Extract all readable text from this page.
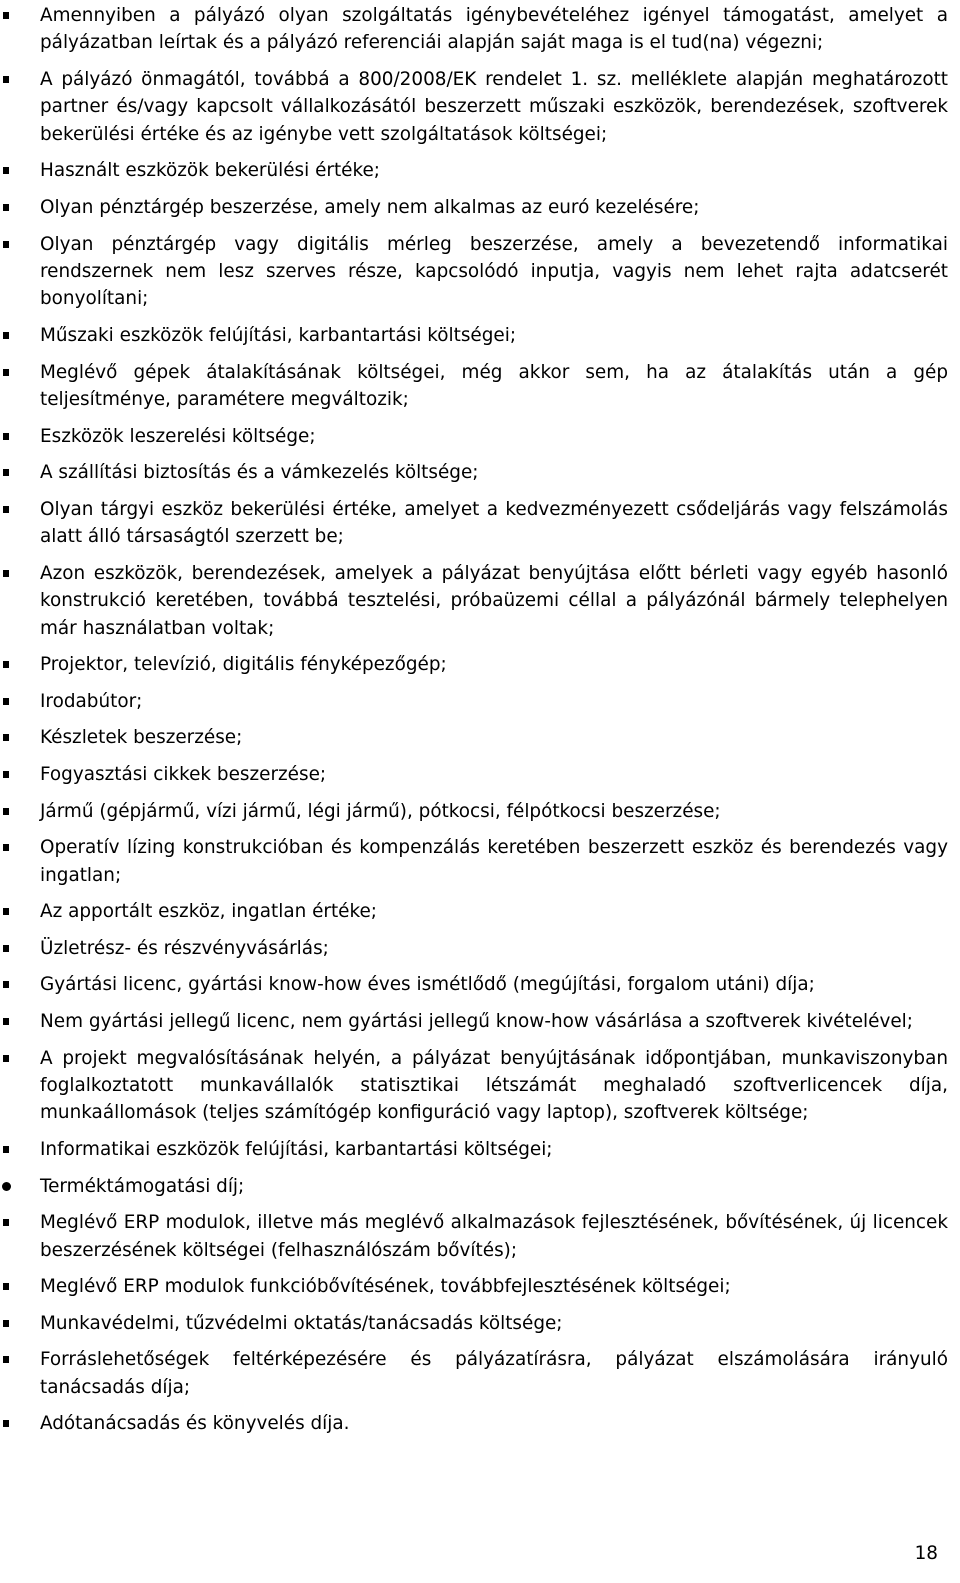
Amennyiben a pályázó olyan szolgáltatás igénybevételéhez igényel támogatást, amelyet a pályázatban leírtak és a pályázó referenciái alapján saját maga is el tud(na) végezni;
A pályázó önmagától, továbbá a 800/2008/EK rendelet 1. sz. melléklete alapján meghatározott partner és/vagy kapcsolt vállalkozásától beszerzett műszaki eszközök, berendezések, szoftverek bekerülési értéke és az igénybe vett szolgáltatások költségei;
Használt eszközök bekerülési értéke;
Olyan pénztárgép beszerzése, amely nem alkalmas az euró kezelésére;
Olyan pénztárgép vagy digitális mérleg beszerzése, amely a bevezetendő informatikai rendszernek nem lesz szerves része, kapcsolódó inputja, vagyis nem lehet rajta adatcserét bonyolítani;
Műszaki eszközök felújítási, karbantartási költségei;
Meglévő gépek átalakításának költségei, még akkor sem, ha az átalakítás után a gép teljesítménye, paramétere megváltozik;
Eszközök leszerelési költsége;
A szállítási biztosítás és a vámkezelés költsége;
Olyan tárgyi eszköz bekerülési értéke, amelyet a kedvezményezett csődeljárás vagy felszámolás alatt álló társaságtól szerzett be;
Azon eszközök, berendezések, amelyek a pályázat benyújtása előtt bérleti vagy egyéb hasonló konstrukció keretében, továbbá tesztelési, próbaüzemi céllal a pályázónál bármely telephelyen már használatban voltak;
Projektor, televízió, digitális fényképezőgép;
Irodabútor;
Készletek beszerzése;
Fogyasztási cikkek beszerzése;
Jármű (gépjármű, vízi jármű, légi jármű), pótkocsi, félpótkocsi beszerzése;
Operatív lízing konstrukcióban és kompenzálás keretében beszerzett eszköz és berendezés vagy ingatlan;
Az apportált eszköz, ingatlan értéke;
Üzletrész- és részvényvásárlás;
Gyártási licenc, gyártási know-how éves ismétlődő (megújítási, forgalom utáni) díja;
Nem gyártási jellegű licenc, nem gyártási jellegű know-how vásárlása a szoftverek kivételével;
A projekt megvalósításának helyén, a pályázat benyújtásának időpontjában, munkaviszonyban foglalkoztatott munkavállalók statisztikai létszámát meghaladó szoftverlicencek díja, munkaállomások (teljes számítógép konfiguráció vagy laptop), szoftverek költsége;
Informatikai eszközök felújítási, karbantartási költségei;
Terméktámogatási díj;
Meglévő ERP modulok, illetve más meglévő alkalmazások fejlesztésének, bővítésének, új licencek beszerzésének költségei (felhasználószám bővítés);
Meglévő ERP modulok funkcióbővítésének, továbbfejlesztésének költségei;
Munkavédelmi, tűzvédelmi oktatás/tanácsadás költsége;
Forráslehetőségek feltérképezésére és pályázatírásra, pályázat elszámolására irányuló tanácsadás díja;
Adótanácsadás és könyvelés díja.
18
